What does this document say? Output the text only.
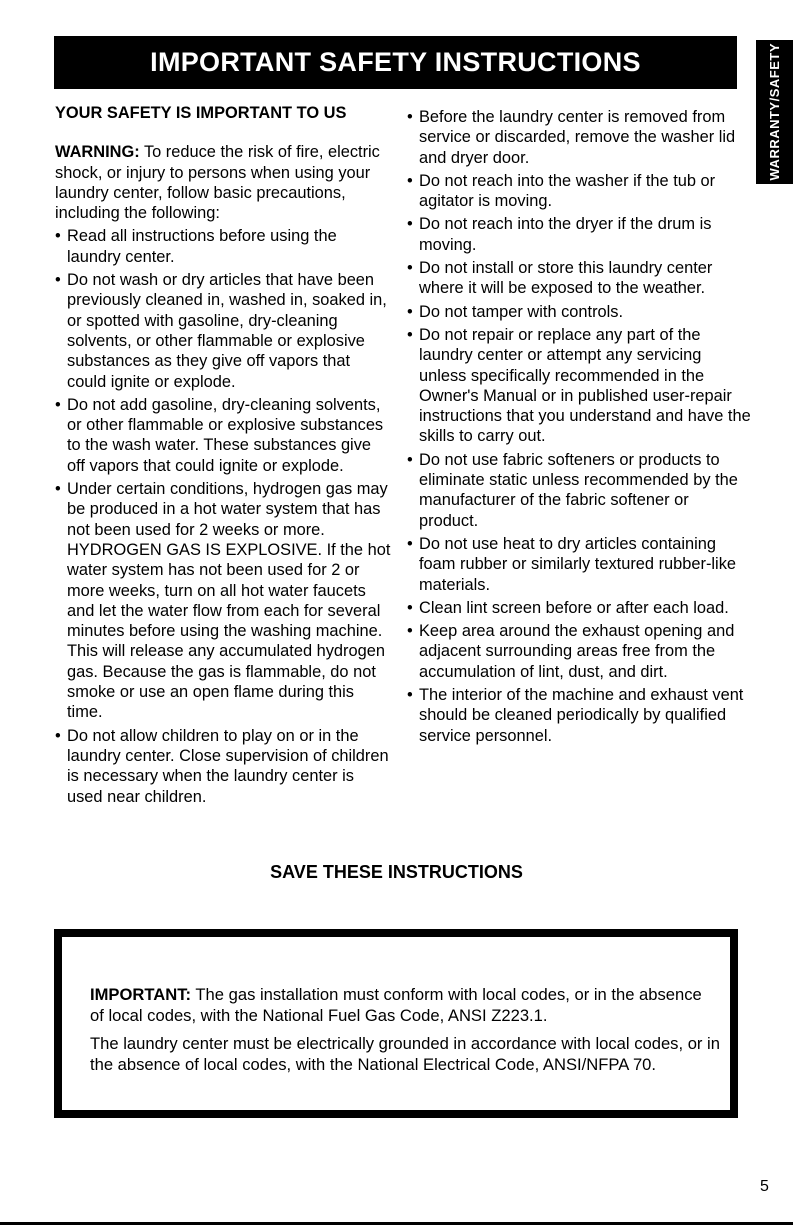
IMPORTANT SAFETY INSTRUCTIONS	WARRANTY/SAFETY
YOUR SAFETY IS IMPORTANT TO US

WARNING: To reduce the risk of fire, electric shock, or injury to persons when using your laundry center, follow basic precautions, including the following:

• Read all instructions before using the laundry center.
• Do not wash or dry articles that have been previously cleaned in, washed in, soaked in, or spotted with gasoline, dry-cleaning solvents, or other flammable or explosive substances as they give off vapors that could ignite or explode.
• Do not add gasoline, dry-cleaning solvents, or other flammable or explosive substances to the wash water. These substances give off vapors that could ignite or explode.
• Under certain conditions, hydrogen gas may be produced in a hot water system that has not been used for 2 weeks or more. HYDROGEN GAS IS EXPLOSIVE. If the hot water system has not been used for 2 or more weeks, turn on all hot water faucets and let the water flow from each for several minutes before using the washing machine. This will release any accumulated hydrogen gas. Because the gas is flammable, do not smoke or use an open flame during this time.
• Do not allow children to play on or in the laundry center. Close supervision of children is necessary when the laundry center is used near children.
• Before the laundry center is removed from service or discarded, remove the washer lid and dryer door.
• Do not reach into the washer if the tub or agitator is moving.
• Do not reach into the dryer if the drum is moving.
• Do not install or store this laundry center where it will be exposed to the weather.
• Do not tamper with controls.
• Do not repair or replace any part of the laundry center or attempt any servicing unless specifically recommended in the Owner's Manual or in published user-repair instructions that you understand and have the skills to carry out.
• Do not use fabric softeners or products to eliminate static unless recommended by the manufacturer of the fabric softener or product.
• Do not use heat to dry articles containing foam rubber or similarly textured rubber-like materials.
• Clean lint screen before or after each load.
• Keep area around the exhaust opening and adjacent surrounding areas free from the accumulation of lint, dust, and dirt.
• The interior of the machine and exhaust vent should be cleaned periodically by qualified service personnel.
SAVE THESE INSTRUCTIONS

IMPORTANT: The gas installation must conform with local codes, or in the absence of local codes, with the National Fuel Gas Code, ANSI Z223.1.

The laundry center must be electrically grounded in accordance with local codes, or in the absence of local codes, with the National Electrical Code, ANSI/NFPA 70.

5
